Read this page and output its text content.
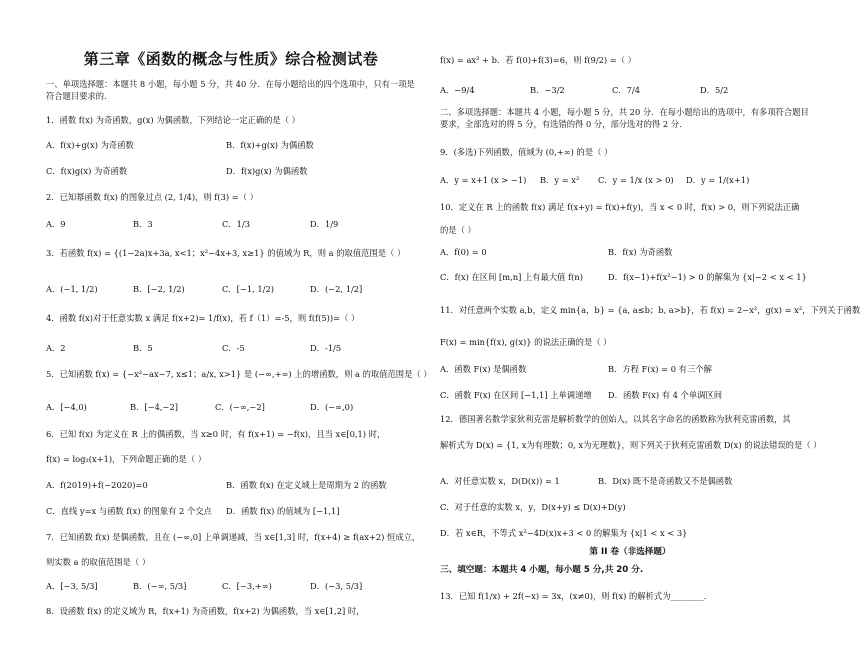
第三章《函数的概念与性质》综合检测试卷
一、单项选择题：本题共 8 小题，每小题 5 分，共 40 分．在每小题给出的四个选项中，只有一项是符合题目要求的．
1．函数 f(x) 为奇函数，g(x) 为偶函数，下列结论一定正确的是（ ）
A．f(x)+g(x) 为奇函数	B．f(x)+g(x) 为偶函数
C．f(x)g(x) 为奇函数	D．f(x)g(x) 为偶函数
2．已知幂函数 f(x) 的图象过点 (2, 1/4)，则 f(3) =（ ）
A．9	B．3	C．1/3	D．1/9
3．若函数 f(x) = {(1−2a)x+3a, x<1；x²−4x+3, x≥1} 的值域为 R，则 a 的取值范围是（ ）
A．(−1, 1/2)	B．[−2, 1/2)	C．[−1, 1/2)	D．(−2, 1/2]
4．函数 f(x)对于任意实数 x 满足 f(x+2)= 1/f(x)，若 f（1）=-5，则 f(f(5))=（ ）
A．2	B．5	C．-5	D．-1/5
5．已知函数 f(x) = {−x²−ax−7, x≤1；a/x, x>1} 是 (−∞,+∞) 上的增函数，则 a 的取值范围是（ ）
A．[−4,0)	B．[−4,−2]	C．(−∞,−2]	D．(−∞,0)
6．已知 f(x) 为定义在 R 上的偶函数，当 x≥0 时，有 f(x+1) = −f(x)，且当 x∈[0,1) 时，
f(x) = log₂(x+1)，下列命题正确的是（ ）
A．f(2019)+f(−2020)=0	B．函数 f(x) 在定义域上是周期为 2 的函数
C．直线 y=x 与函数 f(x) 的图象有 2 个交点 D．函数 f(x) 的值域为 [−1,1]
7．已知函数 f(x) 是偶函数，且在 (−∞,0] 上单调递减，当 x∈[1,3] 时，f(x+4) ≥ f(ax+2) 恒成立，
则实数 a 的取值范围是（ ）
A．[−3, 5/3]	B．(−∞, 5/3]	C．[−3,+∞)	D．(−3, 5/3]
8．设函数 f(x) 的定义域为 R，f(x+1) 为奇函数，f(x+2) 为偶函数，当 x∈[1,2] 时，
f(x) = ax² + b．若 f(0)+f(3)=6，则 f(9/2) =（ ）
A．−9/4	B．−3/2	C．7/4	D．5/2
二、多项选择题：本题共 4 小题，每小题 5 分，共 20 分．在每小题给出的选项中，有多项符合题目要求，全部选对的得 5 分，有选错的得 0 分，部分选对的得 2 分．
9．(多选)下列函数，值域为 (0,+∞) 的是（ ）
A．y = x+1 (x > −1) B．y = x² C．y = 1/x (x > 0) D．y = 1/(x+1)
10．定义在 R 上的函数 f(x) 满足 f(x+y) = f(x)+f(y)，当 x < 0 时，f(x) > 0，则下列说法正确
的是（ ）
A．f(0) = 0	B．f(x) 为奇函数
C．f(x) 在区间 [m,n] 上有最大值 f(n)	D．f(x−1)+f(x²−1) > 0 的解集为 {x|−2 < x < 1}
11．对任意两个实数 a,b，定义 min{a，b} = {a, a≤b；b, a>b}，若 f(x) = 2−x²，g(x) = x²，下列关于函数
F(x) = min{f(x), g(x)} 的说法正确的是（ ）
A．函数 F(x) 是偶函数	B．方程 F(x) = 0 有三个解
C．函数 F(x) 在区间 [−1,1] 上单调递增 D．函数 F(x) 有 4 个单调区间
12．德国著名数学家狄利克雷是解析数学的创始人，以其名字命名的函数称为狄利克雷函数，其
解析式为 D(x) = {1, x为有理数；0, x为无理数}，则下列关于狄利克雷函数 D(x) 的说法错误的是（ ）
A．对任意实数 x，D(D(x)) = 1	B．D(x) 既不是奇函数又不是偶函数
C．对于任意的实数 x，y，D(x+y) ≤ D(x)+D(y)
D．若 x∈R，不等式 x²−4D(x)x+3 < 0 的解集为 {x|1 < x < 3}
第 II 卷（非选择题）
三、填空题：本题共 4 小题，每小题 5 分,共 20 分.
13．已知 f(1/x) + 2f(−x) = 3x，(x≠0)，则 f(x) 的解析式为________.
